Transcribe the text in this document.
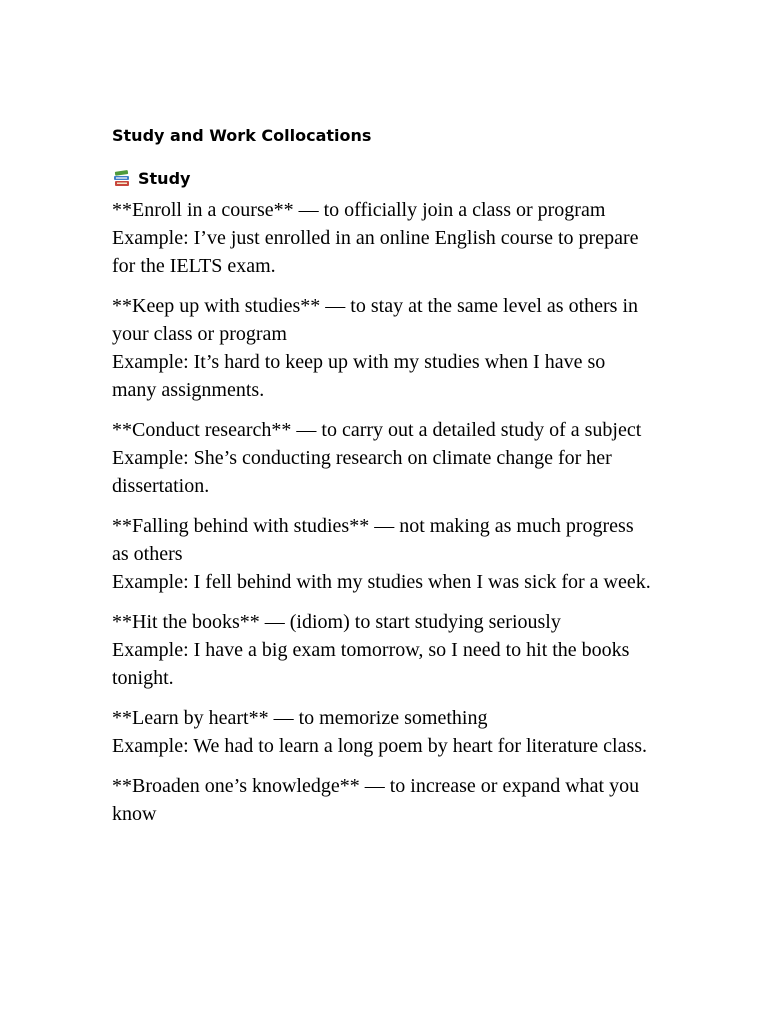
Study and Work Collocations
Study

**Enroll in a course** — to officially join a class or program

Example: I’ve just enrolled in an online English course to prepare for the IELTS exam.

**Keep up with studies** — to stay at the same level as others in your class or program

Example: It’s hard to keep up with my studies when I have so many assignments.

**Conduct research** — to carry out a detailed study of a subject

Example: She’s conducting research on climate change for her dissertation.

**Falling behind with studies** — not making as much progress as others

Example: I fell behind with my studies when I was sick for a week.

**Hit the books** — (idiom) to start studying seriously

Example: I have a big exam tomorrow, so I need to hit the books tonight.

**Learn by heart** — to memorize something

Example: We had to learn a long poem by heart for literature class.

**Broaden one’s knowledge** — to increase or expand what you know
